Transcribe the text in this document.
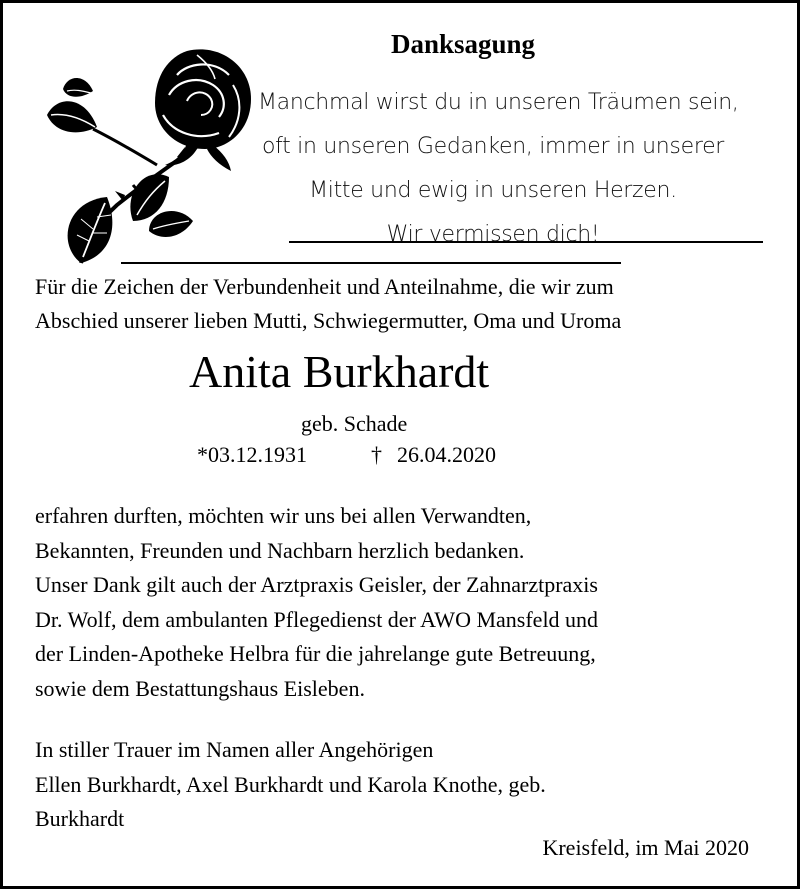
Danksagung
Manchmal wirst du in unseren Träumen sein,
oft in unseren Gedanken, immer in unserer
Mitte und ewig in unseren Herzen.
Wir vermissen dich!
Für die Zeichen der Verbundenheit und Anteilnahme, die wir zum
Abschied unserer lieben Mutti, Schwiegermutter, Oma und Uroma
Anita Burkhardt
geb. Schade
*03.12.1931	† 26.04.2020
erfahren durften, möchten wir uns bei allen Verwandten,
Bekannten, Freunden und Nachbarn herzlich bedanken.
Unser Dank gilt auch der Arztpraxis Geisler, der Zahnarztpraxis
Dr. Wolf, dem ambulanten Pflegedienst der AWO Mansfeld und
der Linden-Apotheke Helbra für die jahrelange gute Betreuung,
sowie dem Bestattungshaus Eisleben.
In stiller Trauer im Namen aller Angehörigen
Ellen Burkhardt, Axel Burkhardt und Karola Knothe, geb.
Burkhardt
Kreisfeld, im Mai 2020
